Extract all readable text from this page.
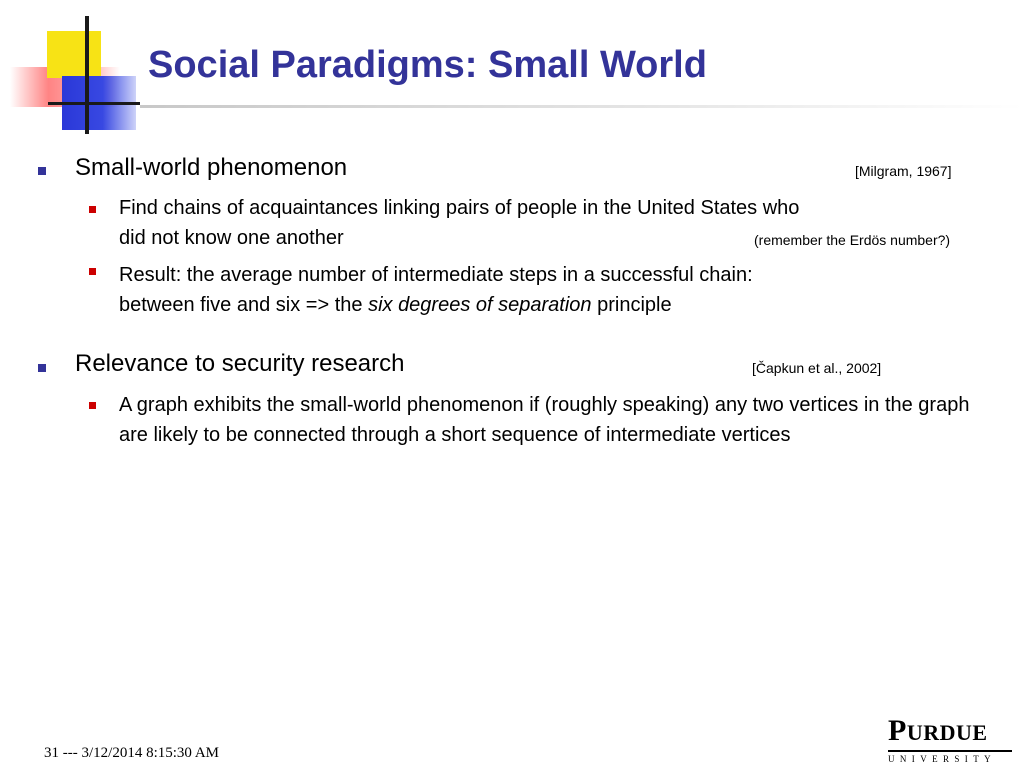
Social Paradigms: Small World
Small-world phenomenon	[Milgram, 1967]
Find chains of acquaintances linking pairs of people in the United States who
did not know one another	(remember the Erdös number?)
Result: the average number of intermediate steps in a successful chain:
between five and six => the six degrees of separation principle
Relevance to security research	[Čapkun et al., 2002]
A graph exhibits the small-world phenomenon if (roughly speaking) any two vertices in the graph are likely to be connected through a short sequence of intermediate vertices
31 --- 3/12/2014 8:15:30 AM
PURDUE
UNIVERSITY
